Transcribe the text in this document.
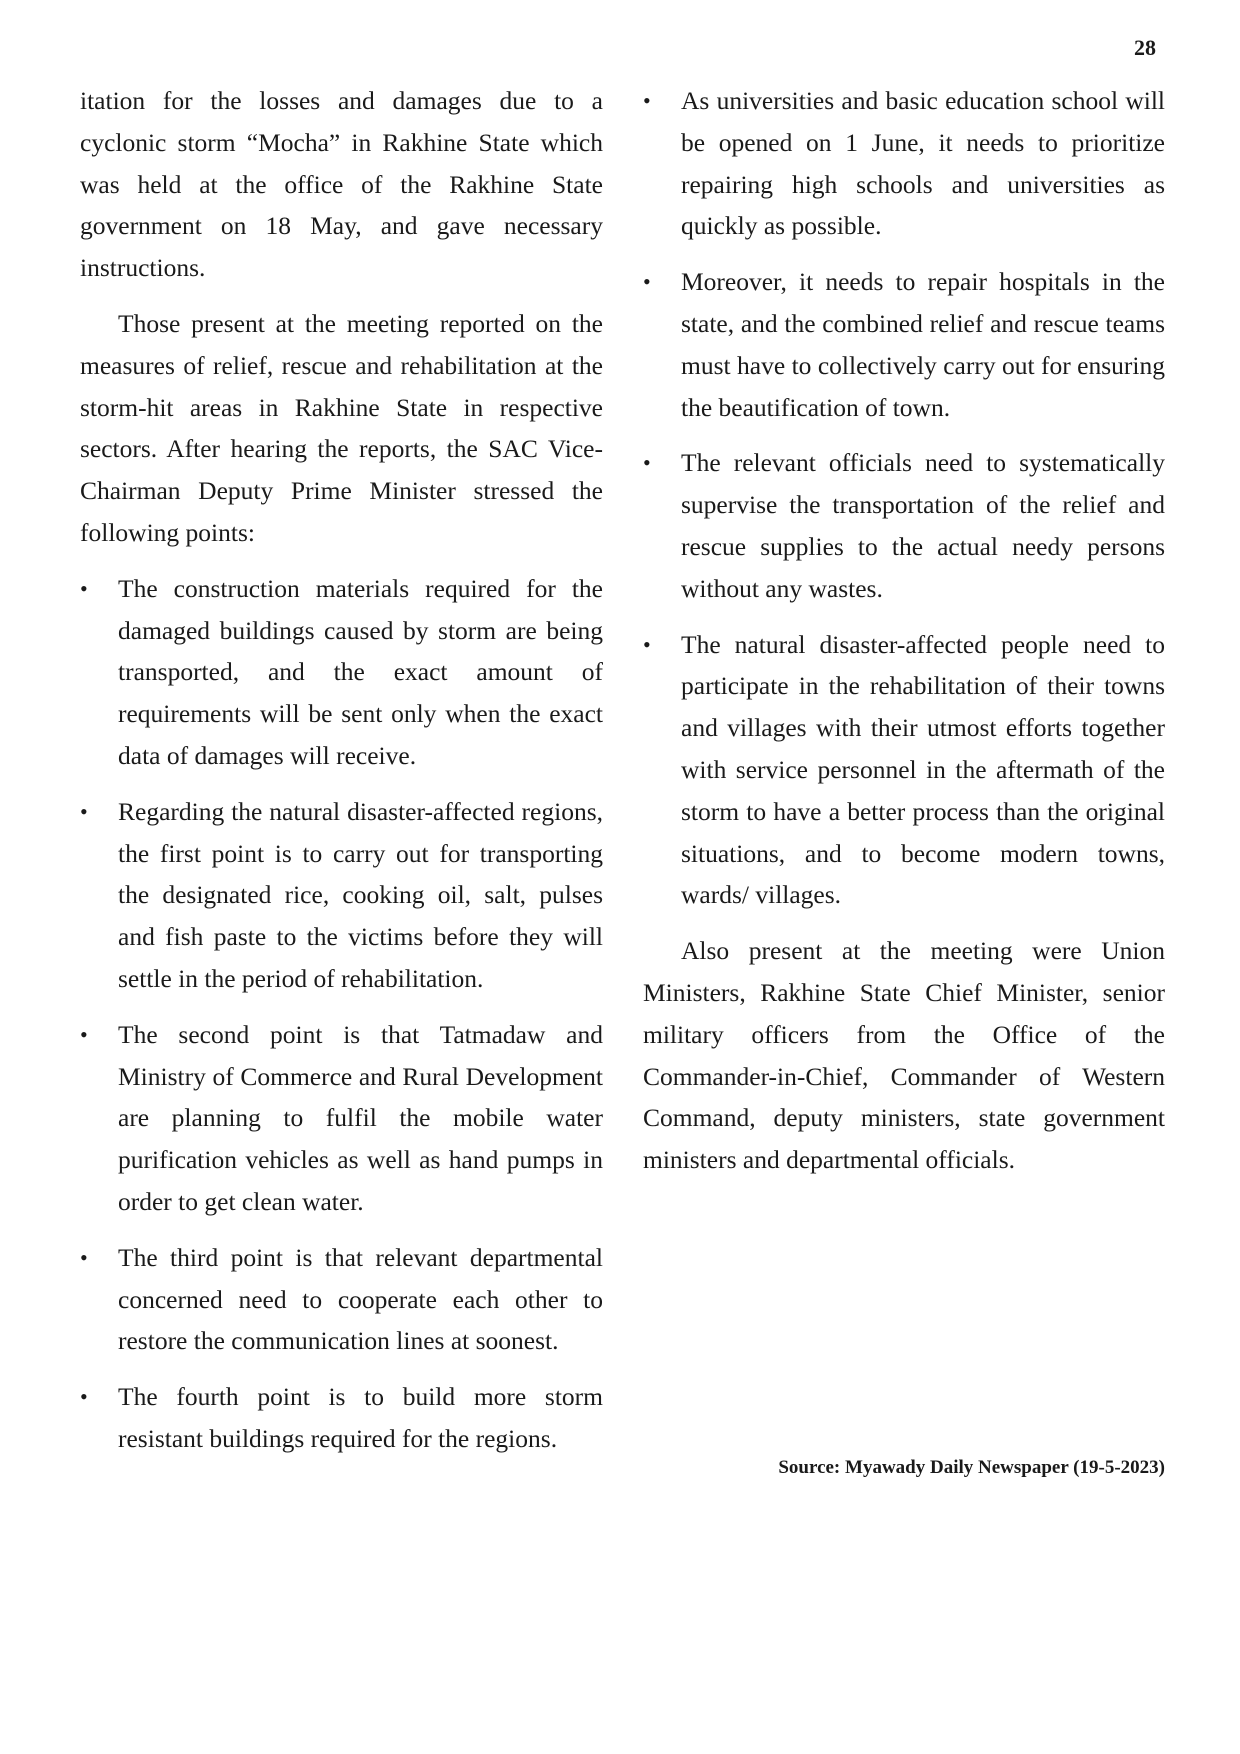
28

itation for the losses and damages due to a cyclonic storm “Mocha” in Rakhine State which was held at the office of the Rakhine State government on 18 May, and gave necessary instructions.

Those present at the meeting reported on the measures of relief, rescue and rehabilitation at the storm-hit areas in Rakhine State in respective sectors. After hearing the reports, the SAC Vice-Chairman Deputy Prime Minister stressed the following points:

• The construction materials required for the damaged buildings caused by storm are being transported, and the exact amount of requirements will be sent only when the exact data of damages will receive.
• Regarding the natural disaster-affected regions, the first point is to carry out for transporting the designated rice, cooking oil, salt, pulses and fish paste to the victims before they will settle in the period of rehabilitation.
• The second point is that Tatmadaw and Ministry of Commerce and Rural Development are planning to fulfil the mobile water purification vehicles as well as hand pumps in order to get clean water.
• The third point is that relevant departmental concerned need to cooperate each other to restore the communication lines at soonest.
• The fourth point is to build more storm resistant buildings required for the regions.
• As universities and basic education school will be opened on 1 June, it needs to prioritize repairing high schools and universities as quickly as possible.
• Moreover, it needs to repair hospitals in the state, and the combined relief and rescue teams must have to collectively carry out for ensuring the beautification of town.
• The relevant officials need to systematically supervise the transportation of the relief and rescue supplies to the actual needy persons without any wastes.
• The natural disaster-affected people need to participate in the rehabilitation of their towns and villages with their utmost efforts together with service personnel in the aftermath of the storm to have a better process than the original situations, and to become modern towns, wards/ villages.

Also present at the meeting were Union Ministers, Rakhine State Chief Minister, senior military officers from the Office of the Commander-in-Chief, Commander of Western Command, deputy ministers, state government ministers and departmental officials.

Source: Myawady Daily Newspaper (19-5-2023)
